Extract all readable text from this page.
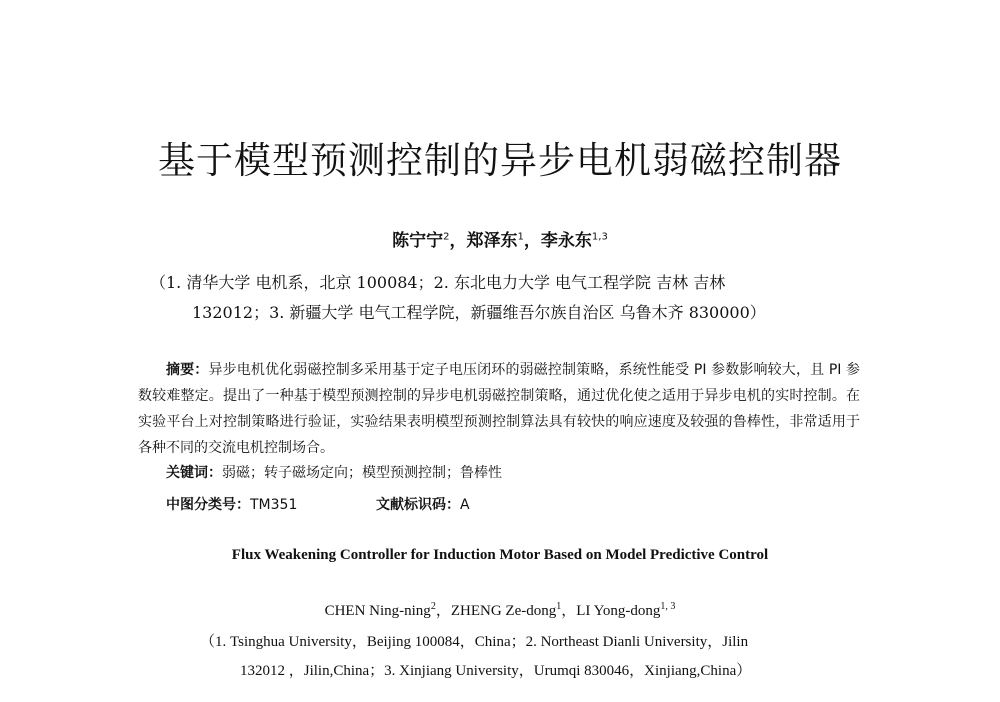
基于模型预测控制的异步电机弱磁控制器
陈宁宁$^2$，郑泽东$^1$，李永东$^{1,3}$
（1. 清华大学 电机系，北京 100084；2. 东北电力大学 电气工程学院 吉林 吉林
132012；3. 新疆大学 电气工程学院，新疆维吾尔族自治区 乌鲁木齐 830000）
摘要：异步电机优化弱磁控制多采用基于定子电压闭环的弱磁控制策略，系统性能受 PI 参数影响较大，且 PI 参数较难整定。提出了一种基于模型预测控制的异步电机弱磁控制策略，通过优化使之适用于异步电机的实时控制。在实验平台上对控制策略进行验证，实验结果表明模型预测控制算法具有较快的响应速度及较强的鲁棒性，非常适用于各种不同的交流电机控制场合。
关键词：弱磁；转子磁场定向；模型预测控制；鲁棒性
中图分类号：TM351	文献标识码：A
Flux Weakening Controller for Induction Motor Based on Model Predictive Control
CHEN Ning-ning$^2$，ZHENG Ze-dong$^1$，LI Yong-dong$^{1, 3}$
（1. Tsinghua University，Beijing 100084，China；2. Northeast Dianli University，Jilin
132012 ，Jilin,China；3. Xinjiang University，Urumqi 830046，Xinjiang,China）
